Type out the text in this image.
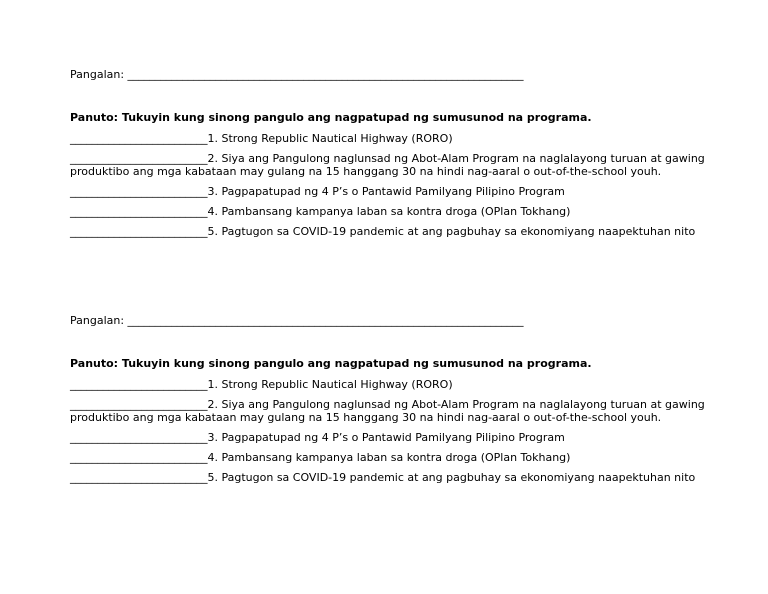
Pangalan: ________________________________________________________________________
Panuto: Tukuyin kung sinong pangulo ang nagpatupad ng sumusunod na programa.
_________________________1. Strong Republic Nautical Highway (RORO)
_________________________2. Siya ang Pangulong naglunsad ng Abot-Alam Program na naglalayong turuan at gawing produktibo ang mga kabataan may gulang na 15 hanggang 30 na hindi nag-aaral o out-of-the-school youh.
_________________________3. Pagpapatupad ng 4 P’s o Pantawid Pamilyang Pilipino Program
_________________________4. Pambansang kampanya laban sa kontra droga (OPlan Tokhang)
_________________________5. Pagtugon sa COVID-19 pandemic at ang pagbuhay sa ekonomiyang naapektuhan nito
Pangalan: ________________________________________________________________________
Panuto: Tukuyin kung sinong pangulo ang nagpatupad ng sumusunod na programa.
_________________________1. Strong Republic Nautical Highway (RORO)
_________________________2. Siya ang Pangulong naglunsad ng Abot-Alam Program na naglalayong turuan at gawing produktibo ang mga kabataan may gulang na 15 hanggang 30 na hindi nag-aaral o out-of-the-school youh.
_________________________3. Pagpapatupad ng 4 P’s o Pantawid Pamilyang Pilipino Program
_________________________4. Pambansang kampanya laban sa kontra droga (OPlan Tokhang)
_________________________5. Pagtugon sa COVID-19 pandemic at ang pagbuhay sa ekonomiyang naapektuhan nito
